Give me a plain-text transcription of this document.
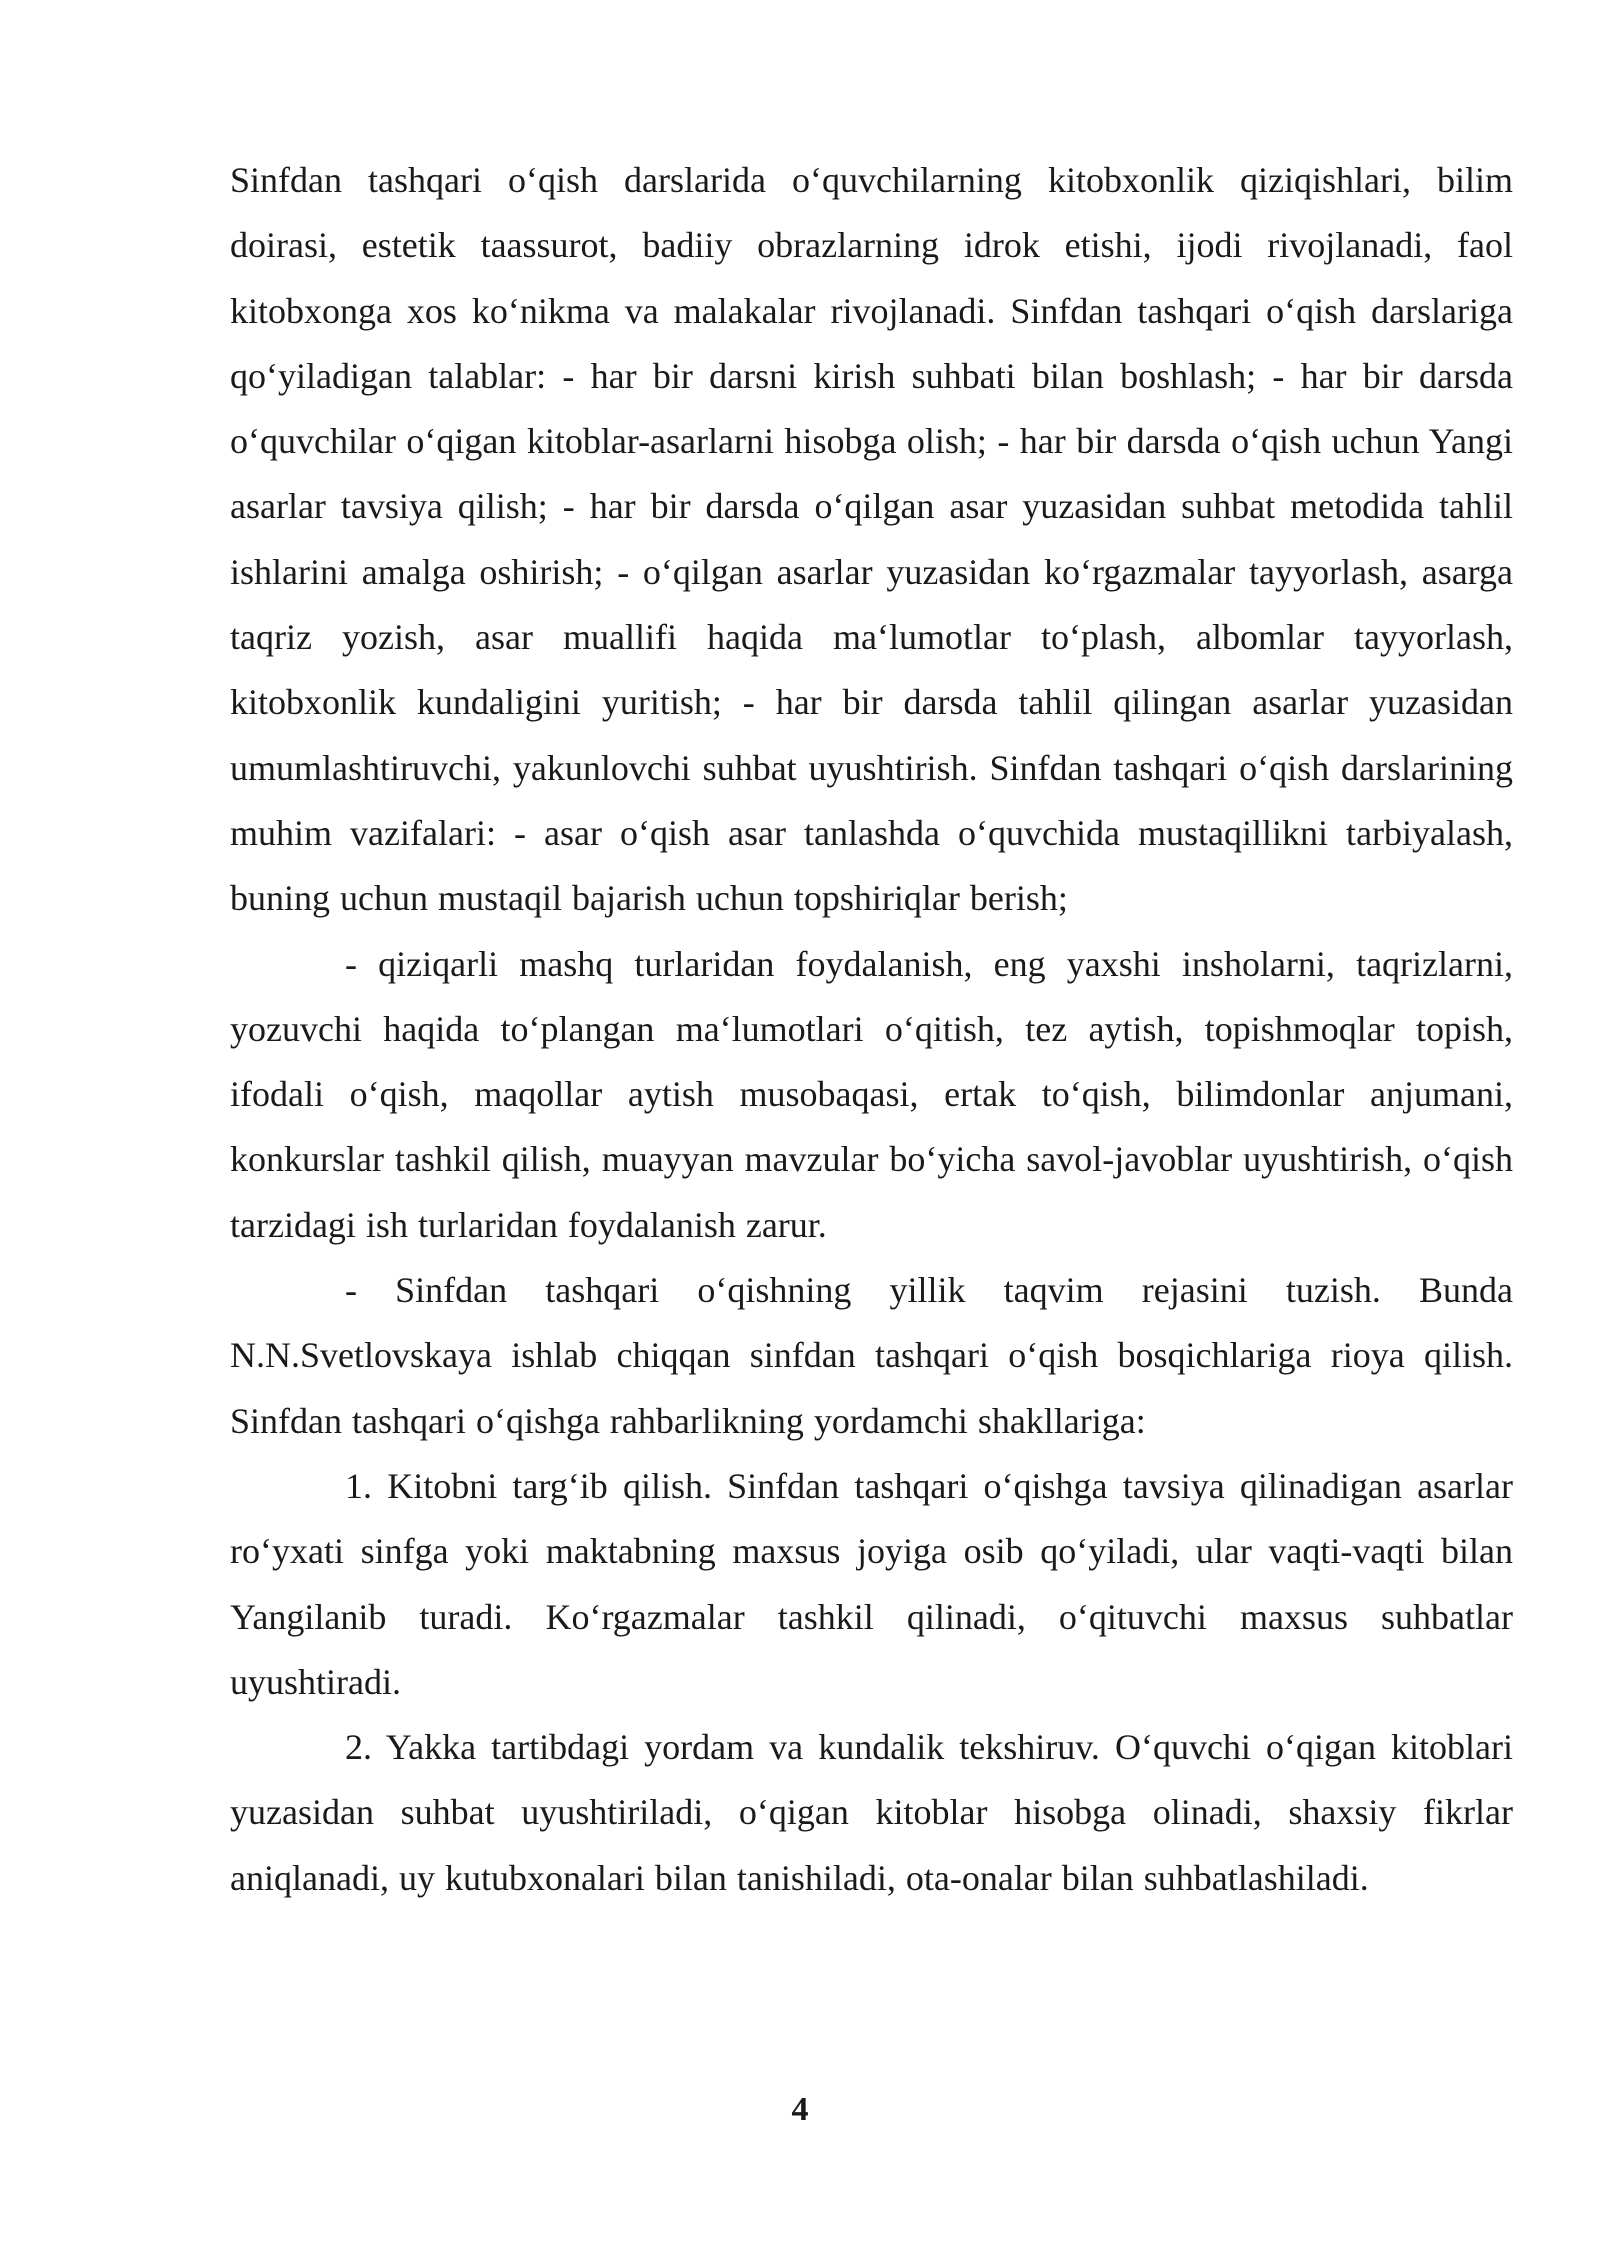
Sinfdan tashqari o‘qish darslarida o‘quvchilarning kitobxonlik qiziqishlari, bilim doirasi, estetik taassurot, badiiy obrazlarning idrok etishi, ijodi rivojlanadi, faol kitobxonga xos ko‘nikma va malakalar rivojlanadi. Sinfdan tashqari o‘qish darslariga qo‘yiladigan talablar: - har bir darsni kirish suhbati bilan boshlash; - har bir darsda o‘quvchilar o‘qigan kitoblar-asarlarni hisobga olish; - har bir darsda o‘qish uchun Yangi asarlar tavsiya qilish; - har bir darsda o‘qilgan asar yuzasidan suhbat metodida tahlil ishlarini amalga oshirish; - o‘qilgan asarlar yuzasidan ko‘rgazmalar tayyorlash, asarga taqriz yozish, asar muallifi haqida ma‘lumotlar to‘plash, albomlar tayyorlash, kitobxonlik kundaligini yuritish; - har bir darsda tahlil qilingan asarlar yuzasidan umumlashtiruvchi, yakunlovchi suhbat uyushtirish. Sinfdan tashqari o‘qish darslarining muhim vazifalari: - asar o‘qish asar tanlashda o‘quvchida mustaqillikni tarbiyalash, buning uchun mustaqil bajarish uchun topshiriqlar berish;

- qiziqarli mashq turlaridan foydalanish, eng yaxshi insholarni, taqrizlarni, yozuvchi haqida to‘plangan ma‘lumotlari o‘qitish, tez aytish, topishmoqlar topish, ifodali o‘qish, maqollar aytish musobaqasi, ertak to‘qish, bilimdonlar anjumani, konkurslar tashkil qilish, muayyan mavzular bo‘yicha savol-javoblar uyushtirish, o‘qish tarzidagi ish turlaridan foydalanish zarur.

- Sinfdan tashqari o‘qishning yillik taqvim rejasini tuzish. Bunda N.N.Svetlovskaya ishlab chiqqan sinfdan tashqari o‘qish bosqichlariga rioya qilish. Sinfdan tashqari o‘qishga rahbarlikning yordamchi shakllariga:

1. Kitobni targ‘ib qilish. Sinfdan tashqari o‘qishga tavsiya qilinadigan asarlar ro‘yxati sinfga yoki maktabning maxsus joyiga osib qo‘yiladi, ular vaqti-vaqti bilan Yangilanib turadi. Ko‘rgazmalar tashkil qilinadi, o‘qituvchi maxsus suhbatlar uyushtiradi.

2. Yakka tartibdagi yordam va kundalik tekshiruv. O‘quvchi o‘qigan kitoblari yuzasidan suhbat uyushtiriladi, o‘qigan kitoblar hisobga olinadi, shaxsiy fikrlar aniqlanadi, uy kutubxonalari bilan tanishiladi, ota-onalar bilan suhbatlashiladi.

4
